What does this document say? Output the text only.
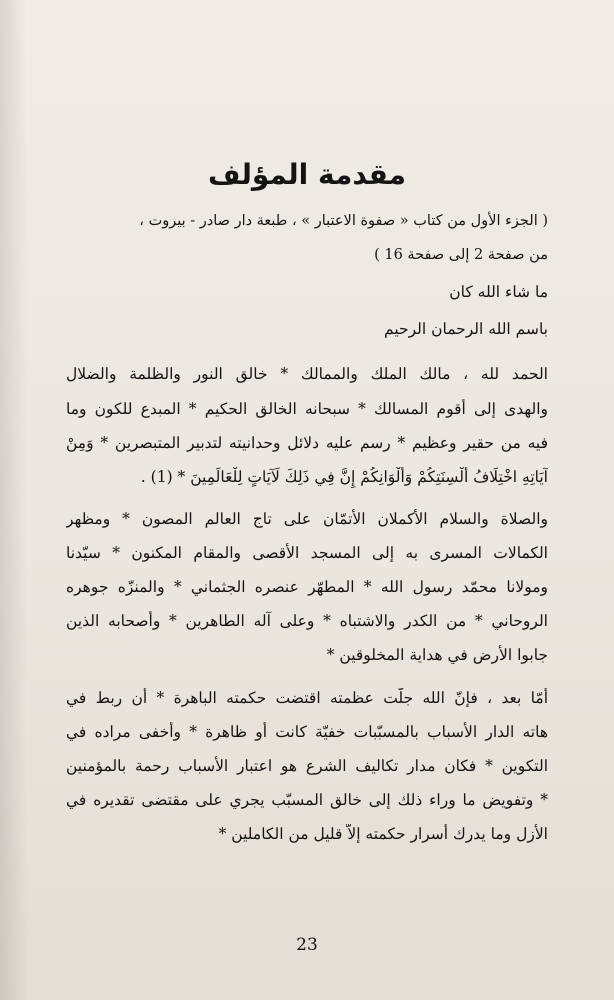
مقدمة المؤلف
( الجزء الأول من كتاب « صفوة الاعتبار » ، طبعة دار صادر - بيروت ،
من صفحة 2 إلى صفحة 16 )
ما شاء الله كان
باسم الله الرحمان الرحيم
الحمد لله ، مالك الملك والممالك * خالق النور والظلمة والضلال
والهدى إلى أقوم المسالك * سبحانه الخالق الحكيم * المبدع للكون وما
فيه من حقير وعظيم * رسم عليه دلائل وحدانيته لتدبير المتبصرين * وَمِنْ
آيَاتِهِ اخْتِلَافُ أَلْسِنَتِكُمْ وَأَلْوَانِكُمْ إِنَّ فِي ذَلِكَ لَآيَاتٍ لِلْعَالَمِينَ * (1) .
والصلاة والسلام الأكملان الأتمّان على تاج العالم المصون * ومظهر
الكمالات المسرى به إلى المسجد الأقصى والمقام المكنون * سيّدنا
ومولانا محمّد رسول الله * المطهّر عنصره الجثماني * والمنزّه جوهره
الروحاني * من الكدر والاشتباه * وعلى آله الطاهرين * وأصحابه الذين
جابوا الأرض في هداية المخلوقين *
أمّا بعد ، فإنّ الله جلّت عظمته اقتضت حكمته الباهرة * أن ربط في
هاته الدار الأسباب بالمسبّبات خفيّة كانت أو ظاهرة * وأخفى مراده في
التكوين * فكان مدار تكاليف الشرع هو اعتبار الأسباب رحمة بالمؤمنين
* وتفويض ما وراء ذلك إلى خالق المسبّب يجري على مقتضى تقديره في
الأزل وما يدرك أسرار حكمته إلاّ قليل من الكاملين *
23
